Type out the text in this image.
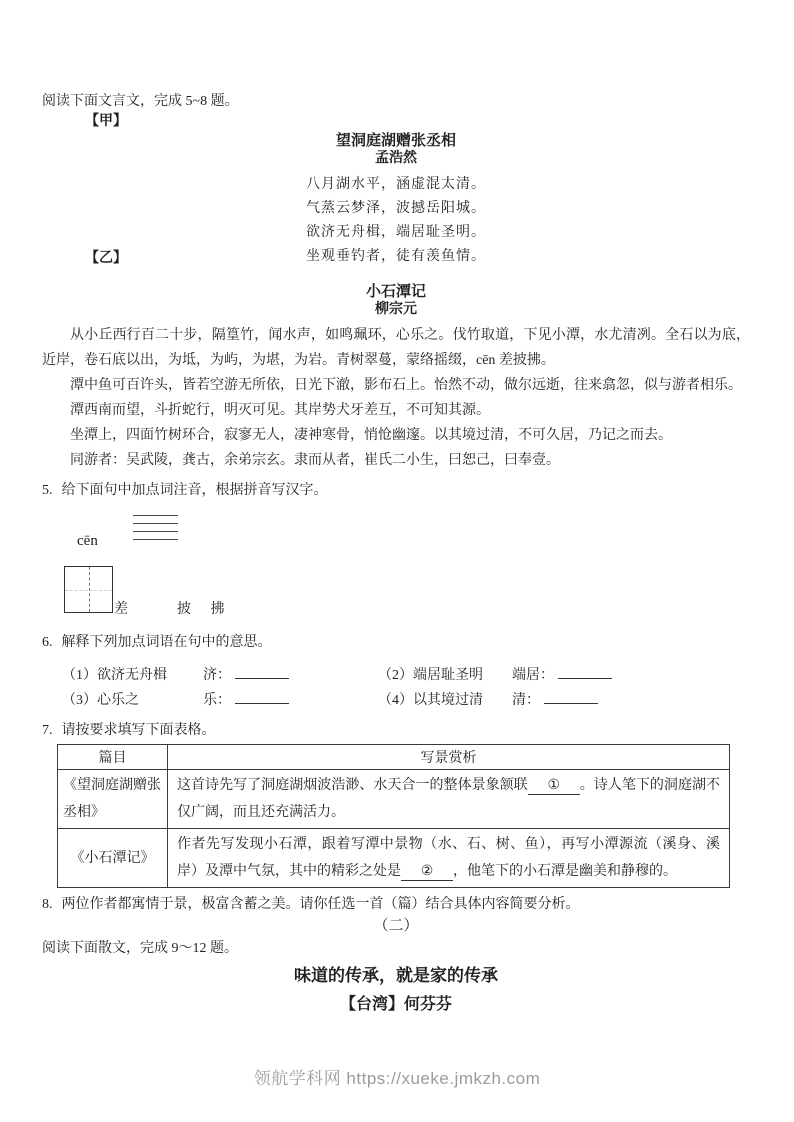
阅读下面文言文，完成 5~8 题。
【甲】
望洞庭湖赠张丞相
孟浩然
八月湖水平，涵虚混太清。
气蒸云梦泽，波撼岳阳城。
欲济无舟楫，端居耻圣明。
坐观垂钓者，徒有羡鱼情。
【乙】
小石潭记
柳宗元

从小丘西行百二十步，隔篁竹，闻水声，如鸣珮环，心乐之。伐竹取道，下见小潭，水尤清冽。全石以为底，近岸，卷石底以出，为坻，为屿，为堪，为岩。青树翠蔓，蒙络摇缀，cēn 差披拂。

潭中鱼可百许头，皆若空游无所依，日光下澈，影布石上。怡然不动，做尔远逝，往来翕忽，似与游者相乐。

潭西南而望，斗折蛇行，明灭可见。其岸势犬牙差互，不可知其源。

坐潭上，四面竹树环合，寂寥无人，凄神寒骨，悄怆幽邃。以其境过清，不可久居，乃记之而去。

同游者：吴武陵，龚古，余弟宗玄。隶而从者，崔氏二小生，曰恕己，曰奉壹。

5. 给下面句中加点词注音，根据拼音写汉字。
cēn
差	披 拂
6. 解释下列加点词语在句中的意思。
（1）欲济无舟楫	济：	（2）端居耻圣明	端居：
（3）心乐之	乐：	（4）以其境过清	清：
7. 请按要求填写下面表格。
篇目	写景赏析
《望洞庭湖赠张丞相》	这首诗先写了洞庭湖烟波浩渺、水天合一的整体景象颔联 ① 。诗人笔下的洞庭湖不仅广阔，而且还充满活力。
《小石潭记》	作者先写发现小石潭，跟着写潭中景物（水、石、树、鱼），再写小潭源流（溪身、溪岸）及潭中气氛，其中的精彩之处是 ② ，他笔下的小石潭是幽美和静穆的。
8. 两位作者都寓情于景，极富含蓄之美。请你任选一首（篇）结合具体内容简要分析。
（二）
阅读下面散文，完成 9～12 题。
味道的传承，就是家的传承
【台湾】何芬芬
领航学科网 https://xueke.jmkzh.com
